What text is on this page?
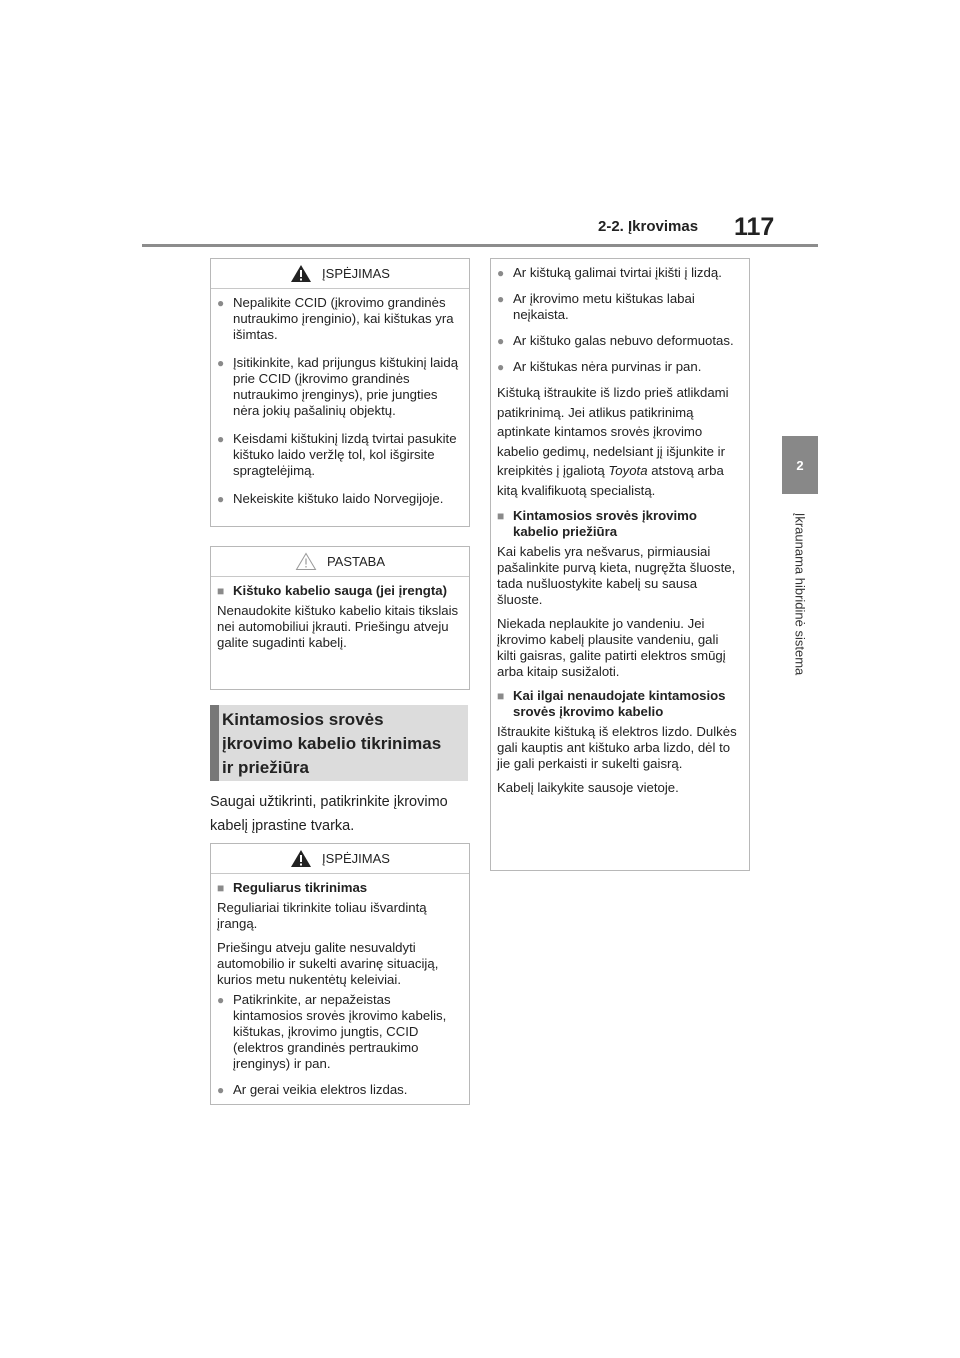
2-2. Įkrovimas 117
2
Įkraunama hibridinė sistema
ĮSPĖJIMAS
● Nepalikite CCID (įkrovimo grandinės nutraukimo įrenginio), kai kištukas yra išimtas.
● Įsitikinkite, kad prijungus kištukinį laidą prie CCID (įkrovimo grandinės nutraukimo įrenginys), prie jungties nėra jokių pašalinių objektų.
● Keisdami kištukinį lizdą tvirtai pasukite kištuko laido veržlę tol, kol išgirsite spragtelėjimą.
● Nekeiskite kištuko laido Norvegijoje.
PASTABA
■ Kištuko kabelio sauga (jei įrengta)
Nenaudokite kištuko kabelio kitais tikslais nei automobiliui įkrauti. Priešingu atveju galite sugadinti kabelį.
Kintamosios srovės
įkrovimo kabelio tikrinimas
ir priežiūra
Saugai užtikrinti, patikrinkite įkrovimo kabelį įprastine tvarka.
ĮSPĖJIMAS
■ Reguliarus tikrinimas
Reguliariai tikrinkite toliau išvardintą įrangą.
Priešingu atveju galite nesuvaldyti automobilio ir sukelti avarinę situaciją, kurios metu nukentėtų keleiviai.
● Patikrinkite, ar nepažeistas kintamosios srovės įkrovimo kabelis, kištukas, įkrovimo jungtis, CCID (elektros grandinės pertraukimo įrenginys) ir pan.
● Ar gerai veikia elektros lizdas.
● Ar kištuką galimai tvirtai įkišti į lizdą.
● Ar įkrovimo metu kištukas labai neįkaista.
● Ar kištuko galas nebuvo deformuotas.
● Ar kištukas nėra purvinas ir pan.
Kištuką ištraukite iš lizdo prieš atlikdami patikrinimą. Jei atlikus patikrinimą aptinkate kintamos srovės įkrovimo kabelio gedimų, nedelsiant jį išjunkite ir kreipkitės į įgaliotą Toyota atstovą arba kitą kvalifikuotą specialistą.
■ Kintamosios srovės įkrovimo kabelio priežiūra
Kai kabelis yra nešvarus, pirmiausiai pašalinkite purvą kieta, nugręžta šluoste, tada nušluostykite kabelį su sausa šluoste.
Niekada neplaukite jo vandeniu. Jei įkrovimo kabelį plausite vandeniu, gali kilti gaisras, galite patirti elektros smūgį arba kitaip susižaloti.
■ Kai ilgai nenaudojate kintamosios srovės įkrovimo kabelio
Ištraukite kištuką iš elektros lizdo. Dulkės gali kauptis ant kištuko arba lizdo, dėl to jie gali perkaisti ir sukelti gaisrą.
Kabelį laikykite sausoje vietoje.
